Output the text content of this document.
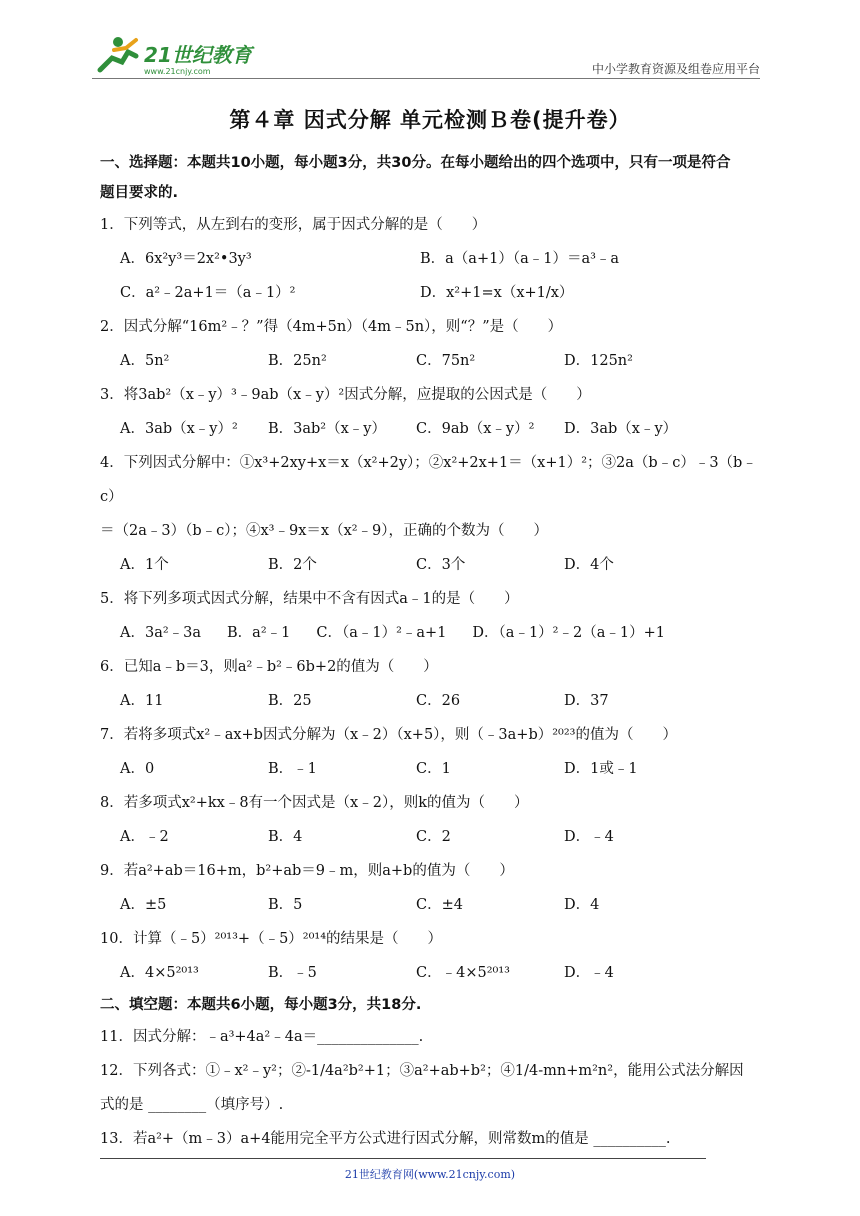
21世纪教育
www.21cnjy.com	中小学教育资源及组卷应用平台
第４章 因式分解 单元检测Ｂ卷(提升卷）
一、选择题：本题共10小题，每小题3分，共30分。在每小题给出的四个选项中，只有一项是符合
题目要求的.
1．下列等式，从左到右的变形，属于因式分解的是（　　）
A．6x²y³＝2x²•3y³	B．a（a+1）（a﹣1）＝a³﹣a
C．a²﹣2a+1＝（a﹣1）²	D．x²+1=x（x+1/x）
2．因式分解“16m²﹣？”得（4m+5n）（4m﹣5n），则“？”是（　　）
A．5n²	B．25n²	C．75n²	D．125n²
3．将3ab²（x﹣y）³﹣9ab（x﹣y）²因式分解，应提取的公因式是（　　）
A．3ab（x﹣y）²	B．3ab²（x﹣y）	C．9ab（x﹣y）²	D．3ab（x﹣y）
4．下列因式分解中：①x³+2xy+x＝x（x²+2y）；②x²+2x+1＝（x+1）²；③2a（b﹣c）﹣3（b﹣c）
＝（2a﹣3）（b﹣c）；④x³﹣9x＝x（x²﹣9），正确的个数为（　　）
A．1个	B．2个	C．3个	D．4个
5．将下列多项式因式分解，结果中不含有因式a﹣1的是（　　）
A．3a²﹣3a B．a²﹣1 C．（a﹣1）²﹣a+1 D．（a﹣1）²﹣2（a﹣1）+1
6．已知a﹣b＝3，则a²﹣b²﹣6b+2的值为（　　）
A．11	B．25	C．26	D．37
7．若将多项式x²﹣ax+b因式分解为（x﹣2）（x+5），则（﹣3a+b）²⁰²³的值为（　　）
A．0	B．﹣1	C．1	D．1或﹣1
8．若多项式x²+kx﹣8有一个因式是（x﹣2），则k的值为（　　）
A．﹣2	B．4	C．2	D．﹣4
9．若a²+ab＝16+m，b²+ab＝9﹣m，则a+b的值为（　　）
A．±5	B．5	C．±4	D．4
10．计算（﹣5）²⁰¹³+（﹣5）²⁰¹⁴的结果是（　　）
A．4×5²⁰¹³	B．﹣5	C．﹣4×5²⁰¹³	D．﹣4
二、填空题：本题共6小题，每小题3分，共18分.
11．因式分解：﹣a³+4a²﹣4a＝______________.
12．下列各式：①﹣x²﹣y²；②-1/4a²b²+1；③a²+ab+b²；④1/4-mn+m²n²，能用公式法分解因
式的是 ________（填序号）.
13．若a²+（m﹣3）a+4能用完全平方公式进行因式分解，则常数m的值是 __________.
21世纪教育网(www.21cnjy.com)
